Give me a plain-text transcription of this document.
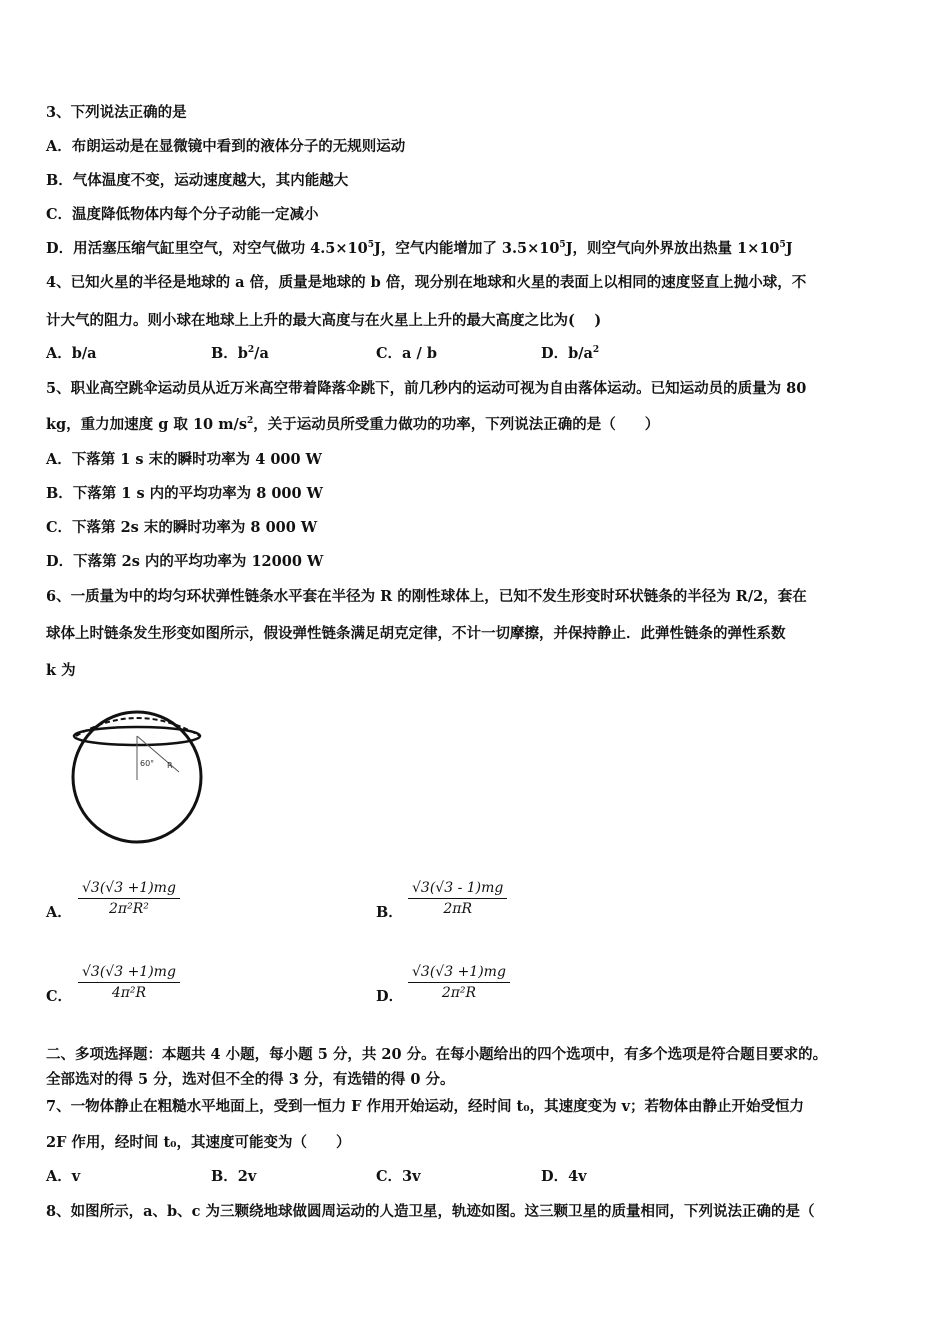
3、下列说法正确的是
A．布朗运动是在显微镜中看到的液体分子的无规则运动
B．气体温度不变，运动速度越大，其内能越大
C．温度降低物体内每个分子动能一定减小
D．用活塞压缩气缸里空气，对空气做功 $4.5\times 10^5J$，空气内能增加了 $3.5\times 10^5J$，则空气向外界放出热量 $1\times 10^5J$
4、已知火星的半径是地球的 a 倍，质量是地球的 b 倍，现分别在地球和火星的表面上以相同的速度竖直上抛小球，不
计大气的阻力。则小球在地球上上升的最大高度与在火星上上升的最大高度之比为(　 )
A．b/a	B．$b^2/a$	C．a / b	D．$b/a^2$
5、职业高空跳伞运动员从近万米高空带着降落伞跳下，前几秒内的运动可视为自由落体运动。已知运动员的质量为 80
kg，重力加速度 g 取 10 $m/s^2$，关于运动员所受重力做功的功率，下列说法正确的是（　　）
A．下落第 1 s 末的瞬时功率为 4 000 W
B．下落第 1 s 内的平均功率为 8 000 W
C．下落第 2s 末的瞬时功率为 8 000 W
D．下落第 2s 内的平均功率为 12000 W
6、一质量为中的均匀环状弹性链条水平套在半径为 R 的刚性球体上，已知不发生形变时环状链条的半径为 R/2，套在
球体上时链条发生形变如图所示，假设弹性链条满足胡克定律，不计一切摩擦，并保持静止．此弹性链条的弹性系数
k 为
60° R
A． $\frac{√3(√3 +1)mg}{\text{2π²R²}}$	B． $\frac{√3(√3 - 1)mg}{2\pi R}$
C． $\frac{√3(√3 +1)mg}{\text{4π²R}}$	D． $\frac{√3(√3 +1)mg}{\text{2π²R}}$
二、多项选择题：本题共 4 小题，每小题 5 分，共 20 分。在每小题给出的四个选项中，有多个选项是符合题目要求的。
全部选对的得 5 分，选对但不全的得 3 分，有选错的得 0 分。
7、一物体静止在粗糙水平地面上，受到一恒力 F 作用开始运动，经时间 t₀，其速度变为 v；若物体由静止开始受恒力
2F 作用，经时间 t₀，其速度可能变为（　　）
A．v	B．2v	C．3v	D．4v
8、如图所示，a、b、c 为三颗绕地球做圆周运动的人造卫星，轨迹如图。这三颗卫星的质量相同，下列说法正确的是（
